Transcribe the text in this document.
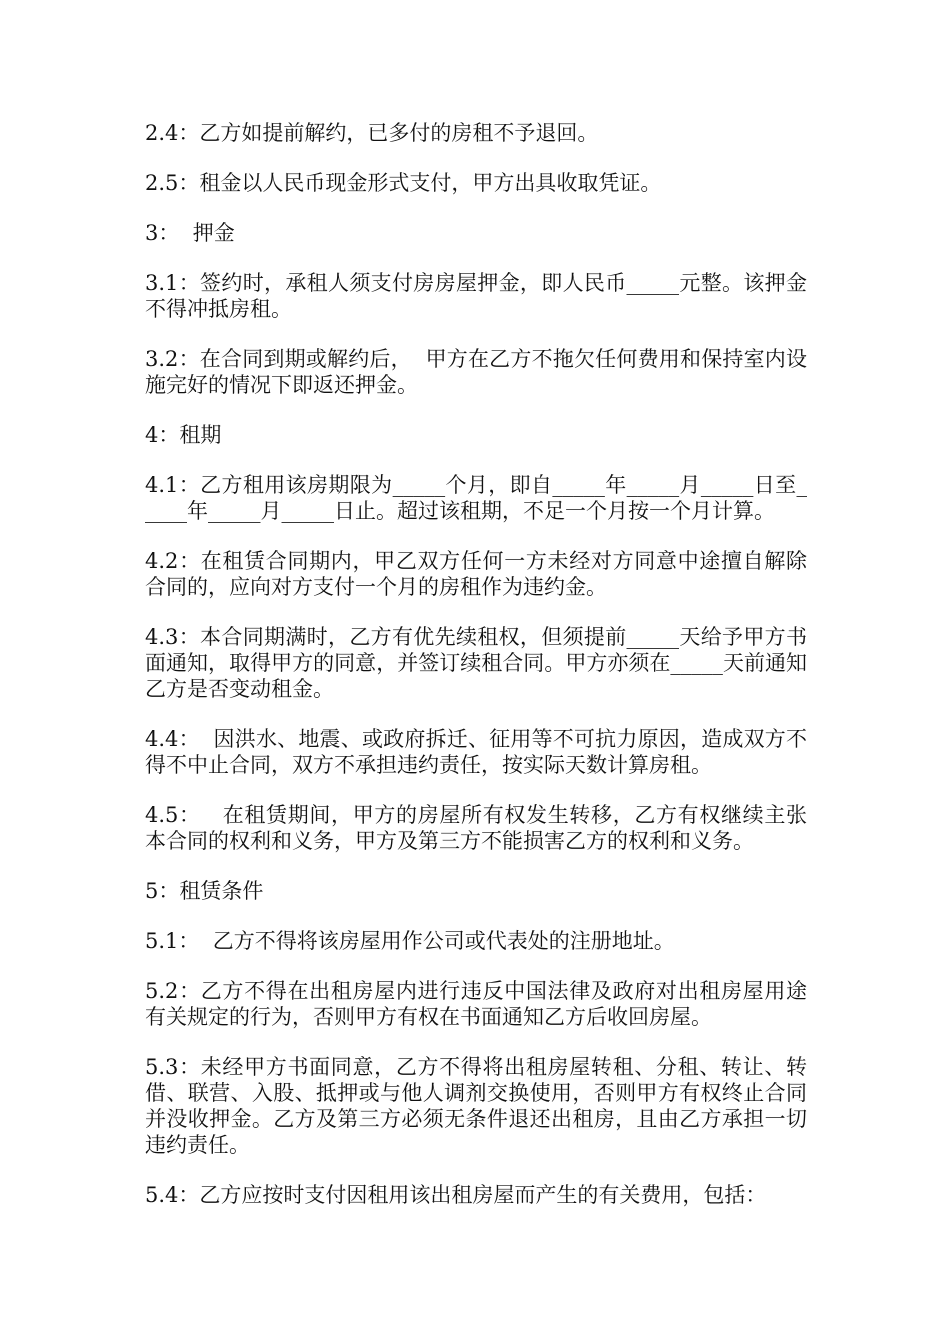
2.4：乙方如提前解约，已多付的房租不予退回。

2.5：租金以人民币现金形式支付，甲方出具收取凭证。

3：  押金

3.1：签约时，承租人须支付房房屋押金，即人民币_____元整。该押金不得冲抵房租。

3.2：在合同到期或解约后，  甲方在乙方不拖欠任何费用和保持室内设施完好的情况下即返还押金。

4：租期

4.1：乙方租用该房期限为_____个月，即自_____年_____月_____日至_____年_____月_____日止。超过该租期，不足一个月按一个月计算。

4.2：在租赁合同期内，甲乙双方任何一方未经对方同意中途擅自解除合同的，应向对方支付一个月的房租作为违约金。

4.3：本合同期满时，乙方有优先续租权，但须提前_____天给予甲方书面通知，取得甲方的同意，并签订续租合同。甲方亦须在_____天前通知乙方是否变动租金。

4.4：  因洪水、地震、或政府拆迁、征用等不可抗力原因，造成双方不得不中止合同，双方不承担违约责任，按实际天数计算房租。

4.5：   在租赁期间，甲方的房屋所有权发生转移，乙方有权继续主张本合同的权利和义务，甲方及第三方不能损害乙方的权利和义务。

5：租赁条件

5.1：  乙方不得将该房屋用作公司或代表处的注册地址。

5.2：乙方不得在出租房屋内进行违反中国法律及政府对出租房屋用途有关规定的行为，否则甲方有权在书面通知乙方后收回房屋。

5.3：未经甲方书面同意，乙方不得将出租房屋转租、分租、转让、转借、联营、入股、抵押或与他人调剂交换使用，否则甲方有权终止合同并没收押金。乙方及第三方必须无条件退还出租房，且由乙方承担一切违约责任。

5.4：乙方应按时支付因租用该出租房屋而产生的有关费用，包括：
